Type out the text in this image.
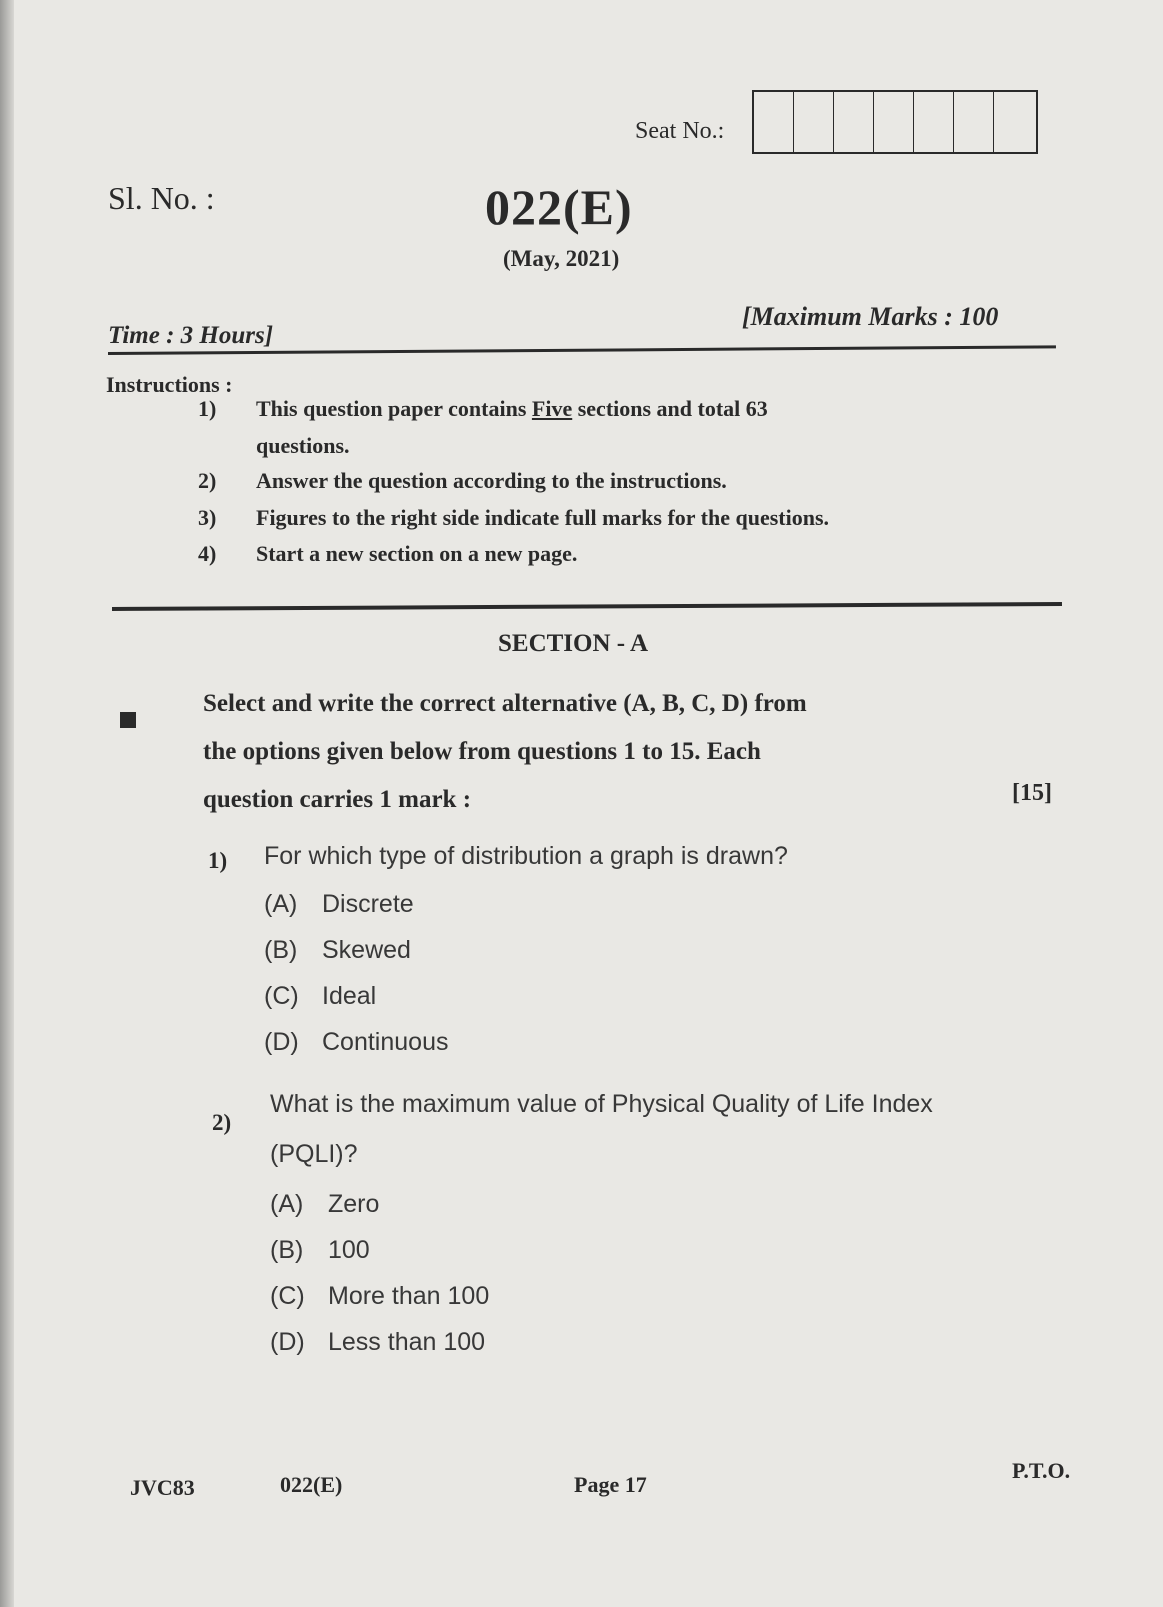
Seat No.:
Sl. No. :	022(E)
(May, 2021)
Time : 3 Hours]
[Maximum Marks : 100
Instructions :
1) This question paper contains Five sections and total 63
questions.
2) Answer the question according to the instructions.
3) Figures to the right side indicate full marks for the questions.
4) Start a new section on a new page.
SECTION - A
Select and write the correct alternative (A, B, C, D) from
the options given below from questions 1 to 15. Each
question carries 1 mark :	[15]
1) For which type of distribution a graph is drawn?
(A) Discrete
(B) Skewed
(C) Ideal
(D) Continuous
2)
What is the maximum value of Physical Quality of Life Index
(PQLI)?
(A) Zero
(B) 100
(C) More than 100
(D) Less than 100
JVC83	022(E)	Page 17
P.T.O.
